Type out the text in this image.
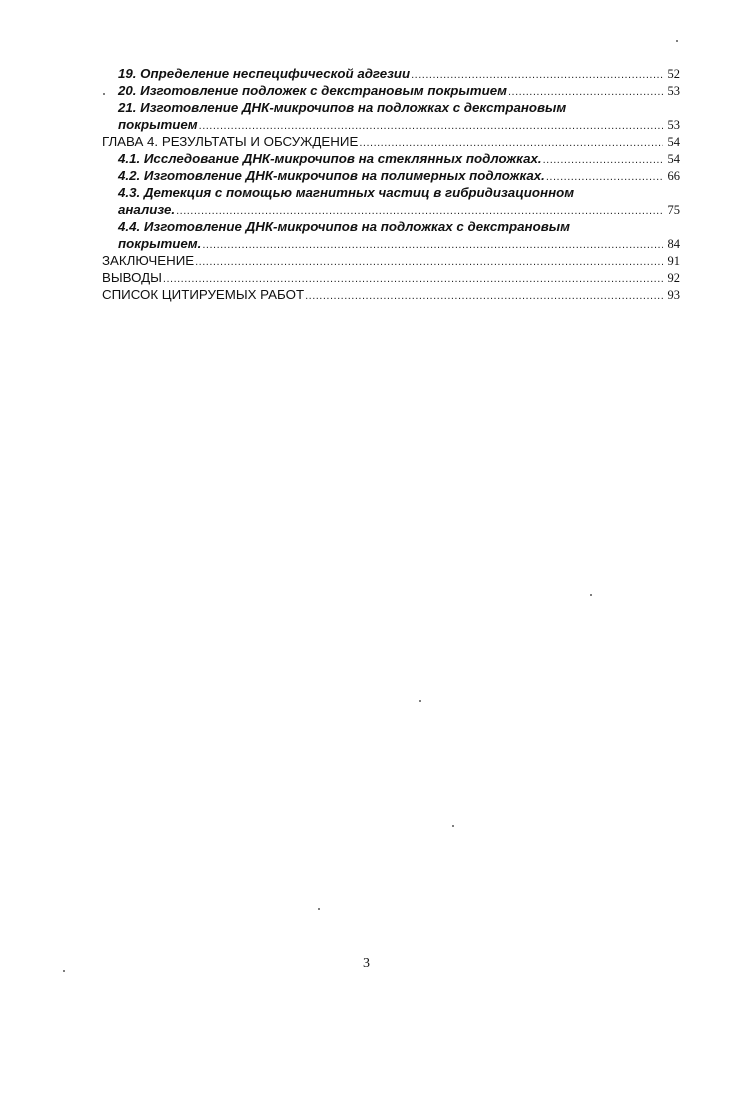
19. Определение неспецифической адгезии .....	52
20. Изготовление подложек с декстрановым покрытием .....	53
21. Изготовление ДНК-микрочипов на подложках с декстрановым
покрытием .....	53
ГЛАВА 4. РЕЗУЛЬТАТЫ И ОБСУЖДЕНИЕ .....	54
4.1. Исследование ДНК-микрочипов на стеклянных подложках. .....	54
4.2. Изготовление ДНК-микрочипов на полимерных подложках. .....	66
4.3. Детекция с помощью магнитных частиц в гибридизационном
анализе. .....	75
4.4. Изготовление ДНК-микрочипов на подложках с декстрановым
покрытием. .....	84
ЗАКЛЮЧЕНИЕ .....	91
ВЫВОДЫ .....	92
СПИСОК ЦИТИРУЕМЫХ РАБОТ .....	93
3
